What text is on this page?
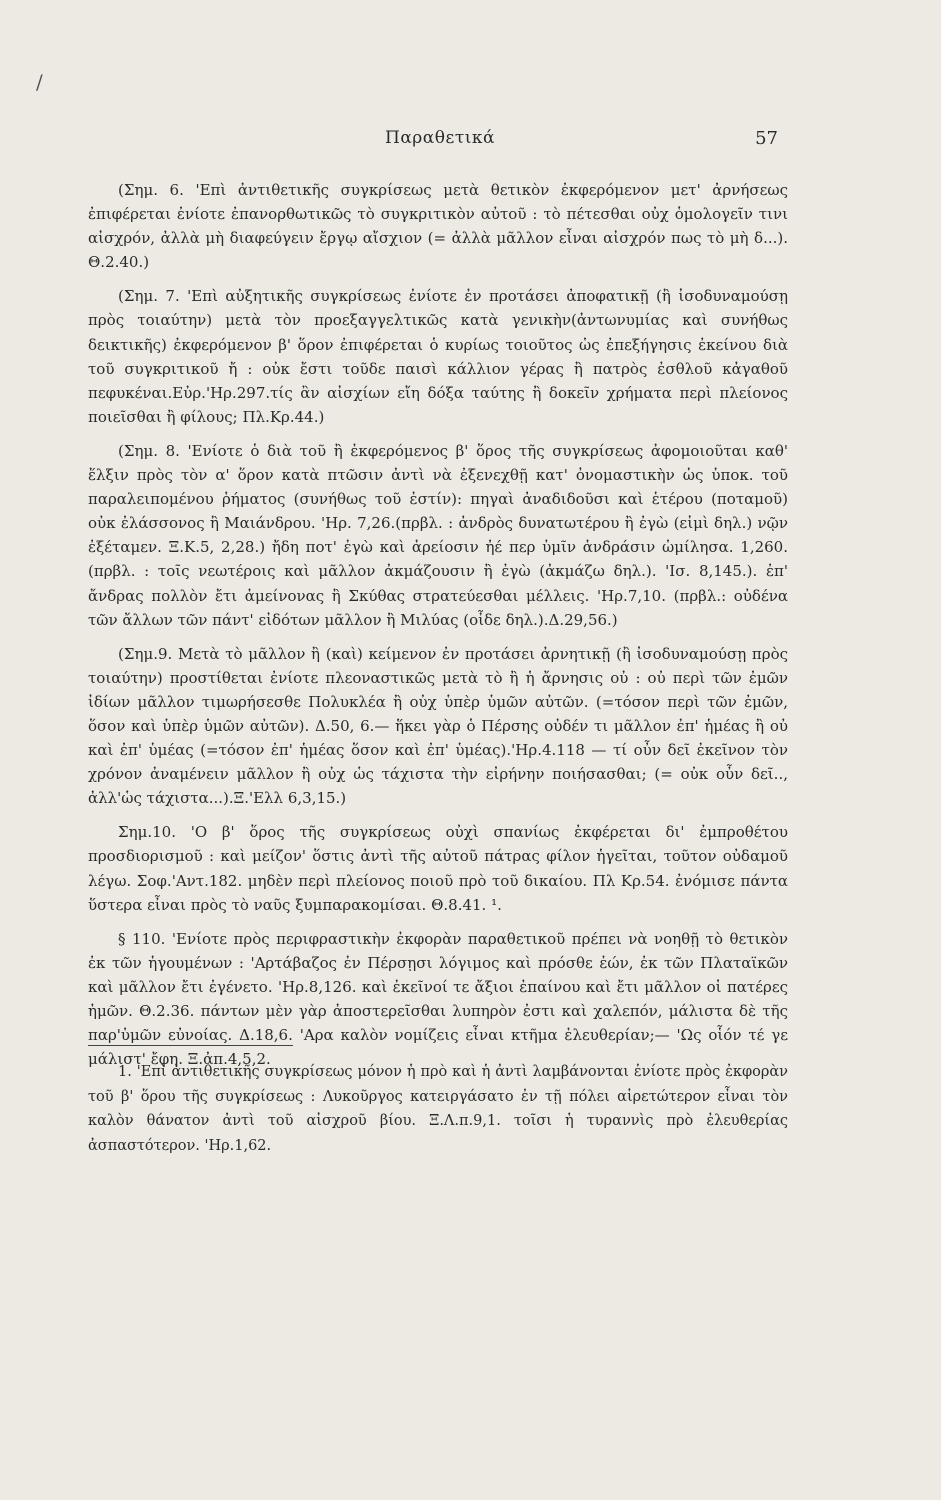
/
Παραθετικά	57

(Σημ. 6. 'Επὶ ἀντιθετικῆς συγκρίσεως μετὰ θετικὸν ἐκφερόμενον μετ' ἀρνήσεως ἐπιφέρεται ἐνίοτε ἐπανορθωτικῶς τὸ συγκριτικὸν αὐτοῦ : τὸ πέτεσθαι οὐχ ὁμολογεῖν τινι αἰσχρόν, ἀλλὰ μὴ διαφεύγειν ἔργῳ αἴσχιον (= ἀλλὰ μᾶλλον εἶναι αἰσχρόν πως τὸ μὴ δ...). Θ.2.40.)

(Σημ. 7. 'Επὶ αὐξητικῆς συγκρίσεως ἐνίοτε ἐν προτάσει ἀποφατικῇ (ἢ ἰσοδυναμούσῃ πρὸς τοιαύτην) μετὰ τὸν προεξαγγελτικῶς κατὰ γενικὴν(ἀντωνυμίας καὶ συνήθως δεικτικῆς) ἐκφερόμενον β' ὅρον ἐπιφέρεται ὁ κυρίως τοιοῦτος ὡς ἐπεξήγησις ἐκείνου διὰ τοῦ συγκριτικοῦ ἤ : οὐκ ἔστι τοῦδε παισὶ κάλλιον γέρας ἢ πατρὸς ἐσθλοῦ κἀγαθοῦ πεφυκέναι.Εὐρ.'Ηρ.297.τίς ἂν αἰσχίων εἴη δόξα ταύτης ἢ δοκεῖν χρήματα περὶ πλείονος ποιεῖσθαι ἢ φίλους; Πλ.Κρ.44.)

(Σημ. 8. 'Ενίοτε ὁ διὰ τοῦ ἢ ἐκφερόμενος β' ὅρος τῆς συγκρίσεως ἀφομοιοῦται καθ' ἕλξιν πρὸς τὸν α' ὅρον κατὰ πτῶσιν ἀντὶ νὰ ἐξενεχθῇ κατ' ὀνομαστικὴν ὡς ὑποκ. τοῦ παραλειπομένου ῥήματος (συνήθως τοῦ ἐστίν): πηγαὶ ἀναδιδοῦσι καὶ ἑτέρου (ποταμοῦ) οὐκ ἐλάσσονος ἢ Μαιάνδρου. 'Ηρ. 7,26.(πρβλ. : ἀνδρὸς δυνατωτέρου ἢ ἐγὼ (εἰμὶ δηλ.) νῷν ἐξέταμεν. Ξ.Κ.5, 2,28.) ἤδη ποτ' ἐγὼ καὶ ἀρείοσιν ἠέ περ ὑμῖν ἀνδράσιν ὡμίλησα. 1,260. (πρβλ. : τοῖς νεωτέροις καὶ μᾶλλον ἀκμάζουσιν ἢ ἐγὼ (ἀκμάζω δηλ.). 'Ισ. 8,145.). ἐπ' ἄνδρας πολλὸν ἔτι ἀμείνονας ἢ Σκύθας στρατεύεσθαι μέλλεις. 'Ηρ.7,10. (πρβλ.: οὐδένα τῶν ἄλλων τῶν πάντ' εἰδότων μᾶλλον ἢ Μιλύας (οἶδε δηλ.).Δ.29,56.)

(Σημ.9. Μετὰ τὸ μᾶλλον ἢ (καὶ) κείμενον ἐν προτάσει ἀρνητικῇ (ἢ ἰσοδυναμούσῃ πρὸς τοιαύτην) προστίθεται ἐνίοτε πλεοναστικῶς μετὰ τὸ ἢ ἡ ἄρνησις οὐ : οὐ περὶ τῶν ἐμῶν ἰδίων μᾶλλον τιμωρήσεσθε Πολυκλέα ἢ οὐχ ὑπὲρ ὑμῶν αὐτῶν. (=τόσον περὶ τῶν ἐμῶν, ὅσον καὶ ὑπὲρ ὑμῶν αὐτῶν). Δ.50, 6.— ἥκει γὰρ ὁ Πέρσης οὐδέν τι μᾶλλον ἐπ' ἡμέας ἢ οὐ καὶ ἐπ' ὑμέας (=τόσον ἐπ' ἡμέας ὅσον καὶ ἐπ' ὑμέας).'Ηρ.4.118 — τί οὖν δεῖ ἐκεῖνον τὸν χρόνον ἀναμένειν μᾶλλον ἢ οὐχ ὡς τάχιστα τὴν εἰρήνην ποιήσασθαι; (= οὐκ οὖν δεῖ.., ἀλλ'ὡς τάχιστα...).Ξ.'Ελλ 6,3,15.)

Σημ.10. 'Ο β' ὅρος τῆς συγκρίσεως οὐχὶ σπανίως ἐκφέρεται δι' ἐμπροθέτου προσδιορισμοῦ : καὶ μείζον' ὅστις ἀντὶ τῆς αὐτοῦ πάτρας φίλον ἡγεῖται, τοῦτον οὐδαμοῦ λέγω. Σοφ.'Αντ.182. μηδὲν περὶ πλείονος ποιοῦ πρὸ τοῦ δικαίου. Πλ Κρ.54. ἐνόμισε πάντα ὕστερα εἶναι πρὸς τὸ ναῦς ξυμπαρακομίσαι. Θ.8.41. ¹.

§ 110. 'Ενίοτε πρὸς περιφραστικὴν ἐκφορὰν παραθετικοῦ πρέπει νὰ νοηθῇ τὸ θετικὸν ἐκ τῶν ἡγουμένων : 'Αρτάβαζος ἐν Πέρσῃσι λόγιμος καὶ πρόσθε ἐών, ἐκ τῶν Πλαταϊκῶν καὶ μᾶλλον ἔτι ἐγένετο. 'Ηρ.8,126. καὶ ἐκεῖνοί τε ἄξιοι ἐπαίνου καὶ ἔτι μᾶλλον οἱ πατέρες ἡμῶν. Θ.2.36. πάντων μὲν γὰρ ἀποστερεῖσθαι λυπηρὸν ἐστι καὶ χαλεπόν, μάλιστα δὲ τῆς παρ'ὑμῶν εὐνοίας. Δ.18,6. 'Αρα καλὸν νομίζεις εἶναι κτῆμα ἐλευθερίαν;— 'Ως οἷόν τέ γε μάλιστ' ἔφη. Ξ.ἀπ.4,5,2.

1. 'Επὶ ἀντιθετικῆς συγκρίσεως μόνον ἡ πρὸ καὶ ἡ ἀντὶ λαμβάνονται ἐνίοτε πρὸς ἐκφορὰν τοῦ β' ὅρου τῆς συγκρίσεως : Λυκοῦργος κατειργάσατο ἐν τῇ πόλει αἱρετώτερον εἶναι τὸν καλὸν θάνατον ἀντὶ τοῦ αἰσχροῦ βίου. Ξ.Λ.π.9,1. τοῖσι ἡ τυραννὶς πρὸ ἐλευθερίας ἀσπαστότερον. 'Ηρ.1,62.
